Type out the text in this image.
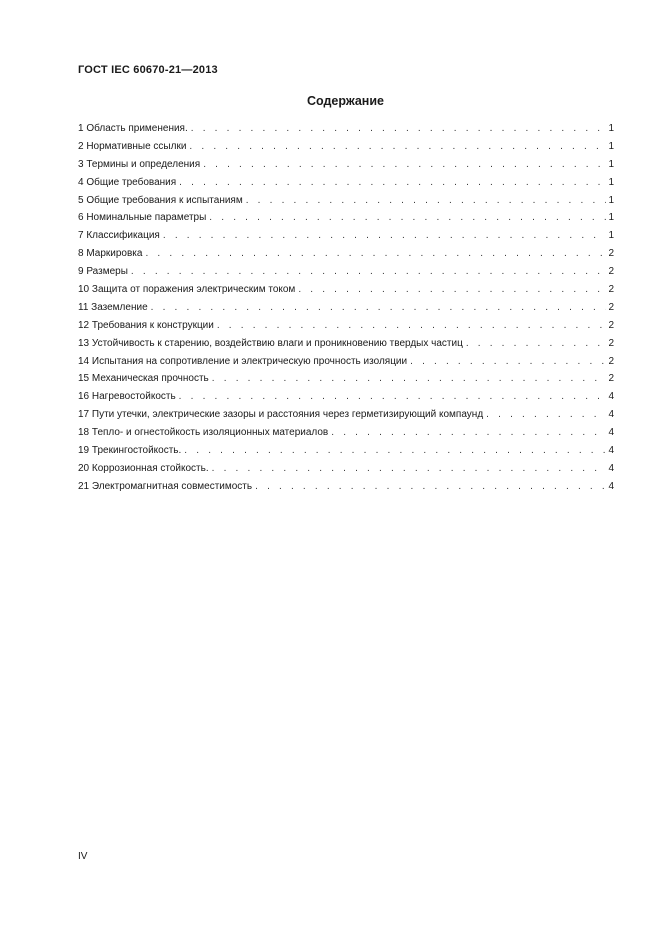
ГОСТ IEC 60670-21—2013
Содержание
1 Область применения. . . .	1
2 Нормативные ссылки . . .	1
3 Термины и определения . . .	1
4 Общие требования . . .	1
5 Общие требования к испытаниям . . .	1
6 Номинальные параметры . . .	1
7 Классификация . . .	1
8 Маркировка . . .	2
9 Размеры . . .	2
10 Защита от поражения электрическим током . . .	2
11 Заземление . . .	2
12 Требования к конструкции . . .	2
13 Устойчивость к старению, воздействию влаги и проникновению твердых частиц . . .	2
14 Испытания на сопротивление и электрическую прочность изоляции . . .	2
15 Механическая прочность . . .	2
16 Нагревостойкость . . .	4
17 Пути утечки, электрические зазоры и расстояния через герметизирующий компаунд . . .	4
18 Тепло- и огнестойкость изоляционных материалов . . .	4
19 Трекингостойкость. . . .	4
20 Коррозионная стойкость. . . .	4
21 Электромагнитная совместимость . . .	4
IV
